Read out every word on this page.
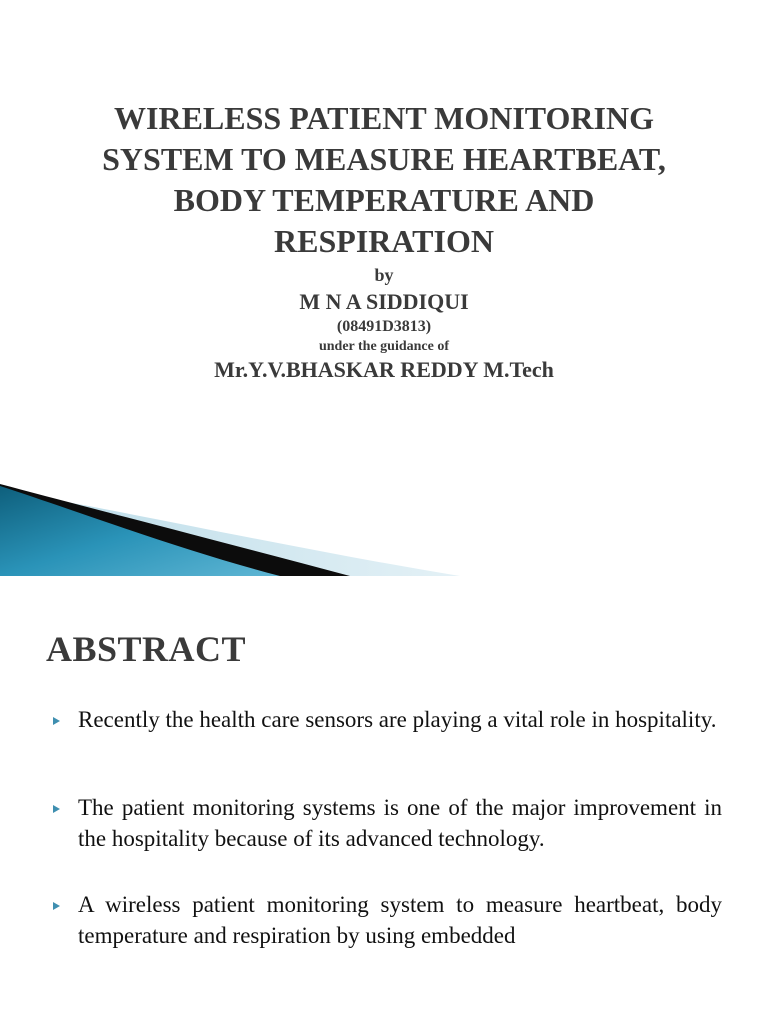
WIRELESS PATIENT MONITORING
SYSTEM TO MEASURE HEARTBEAT,
BODY TEMPERATURE AND
RESPIRATION
by
M N A SIDDIQUI
(08491D3813)
under the guidance of
Mr.Y.V.BHASKAR REDDY M.Tech
ABSTRACT
Recently the health care sensors are playing a vital role in hospitality.
The patient monitoring systems is one of the major improvement in the hospitality because of its advanced technology.
A wireless patient monitoring system to measure heartbeat, body temperature and respiration by using embedded
